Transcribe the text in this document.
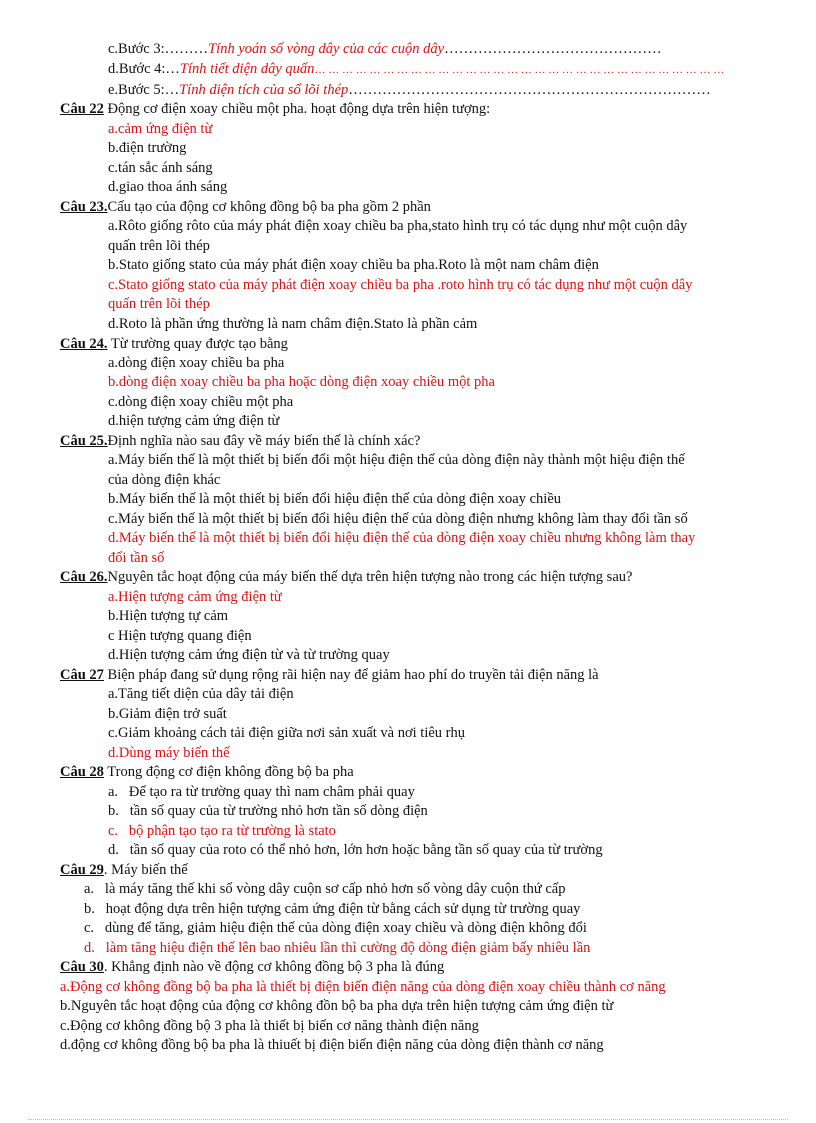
c.Bước 3:………Tính yoán số vòng dây của các cuộn dây………………………………………
d.Bước 4:…Tính tiết diện dây quấn… … … … … … … … … … … … … … … … … … … … … … … … … … … … … …
e.Bước 5:…Tính diện tích của sổ lõi thép…………………………………………………………………
Câu 22 Động cơ điện xoay chiều một pha. hoạt động dựa trên hiện tượng:
a.cảm ứng điện từ
b.điện trường
c.tán sắc ánh sáng
d.giao thoa ánh sáng
Câu 23.Cấu tạo của động cơ không đồng bộ ba pha gồm 2 phần
a.Rôto giống rôto của máy phát điện xoay chiều ba pha,stato hình trụ có tác dụng như một cuộn dây
quấn trên lõi thép
b.Stato giống stato của máy phát điện xoay chiều ba pha.Roto là một nam châm điện
c.Stato giống stato của máy phát điện xoay chiều ba pha .roto hình trụ có tác dụng như một cuộn dây
quấn trên lõi thép
d.Roto là phần ứng thường là nam châm điện.Stato là phần cảm
Câu 24. Từ trường quay được tạo bằng
a.dòng điện xoay chiều ba pha
b.dòng điện xoay chiều ba pha hoặc dòng điện xoay chiều một pha
c.dòng điện xoay chiều một pha
d.hiện tượng cảm ứng điện từ
Câu 25.Định nghĩa nào sau đây về máy biến thế là chính xác?
a.Máy biến thế là một thiết bị biến đổi một hiệu điện thế của dòng điện này thành một hiệu điện thế
của dòng điện khác
b.Máy biến thế là một thiết bị biến đổi hiệu điện thế của dòng điện xoay chiều
c.Máy biến thế là một thiết bị biến đổi hiệu điện thế của dòng điện nhưng không làm thay đổi tần số
d.Máy biến thế là một thiết bị biến đổi hiệu điện thế của dòng điện xoay chiều nhưng không làm thay
đổi tần số
Câu 26.Nguyên tắc hoạt động của máy biến thế dựa trên hiện tượng nào trong các hiện tượng sau?
a.Hiện tượng cảm ứng điện từ
b.Hiện tượng tự cảm
c Hiện tượng quang điện
d.Hiện tượng cảm ứng điện từ và từ trường quay
Câu 27 Biện pháp đang sử dụng rộng rãi hiện nay để giảm hao phí do truyền tải điện năng là
a.Tăng tiết diện của dây tải điện
b.Giảm điện trở suất
c.Giảm khoảng cách tải điện giữa nơi sản xuất và nơi tiêu rhụ
d.Dùng máy biến thế
Câu 28 Trong động cơ điện không đồng bộ ba pha
a.   Để tạo ra từ trường quay thì nam châm phải quay
b.   tần số quay của từ trường nhỏ hơn tần số dòng điện
c.   bộ phận tạo tạo ra từ trường là stato
d.   tần số quay của roto có thể nhỏ hơn, lớn hơn hoặc bằng tần số quay của từ trường
Câu 29. Máy biến thế
a.   là máy tăng thế khi số vòng dây cuộn sơ cấp nhỏ hơn số vòng dây cuộn thứ cấp
b.   hoạt động dựa trên hiện tượng cảm ứng điện từ bằng cách sử dụng từ trường quay
c.   dùng để tăng, giảm hiệu điện thế của dòng điện xoay chiều và dòng điện không đổi
d.   làm tăng hiệu điện thế lên bao nhiêu lần thì cường độ dòng điện giảm bấy nhiêu lần
Câu 30. Khẳng định nào về động cơ không đồng bộ 3 pha là đúng
a.Động cơ không đồng bộ ba pha là thiết bị điện biến điện năng của dòng điện xoay chiều thành cơ năng
b.Nguyên tắc hoạt động của động cơ không đồn bộ ba pha dựa trên hiện tượng cảm ứng điện từ
c.Động cơ không đồng bộ 3 pha là thiết bị biến cơ năng thành điện năng
d.động cơ không đồng bộ ba pha là thiuết bị điện biến điện năng của dòng điện thành cơ năng
